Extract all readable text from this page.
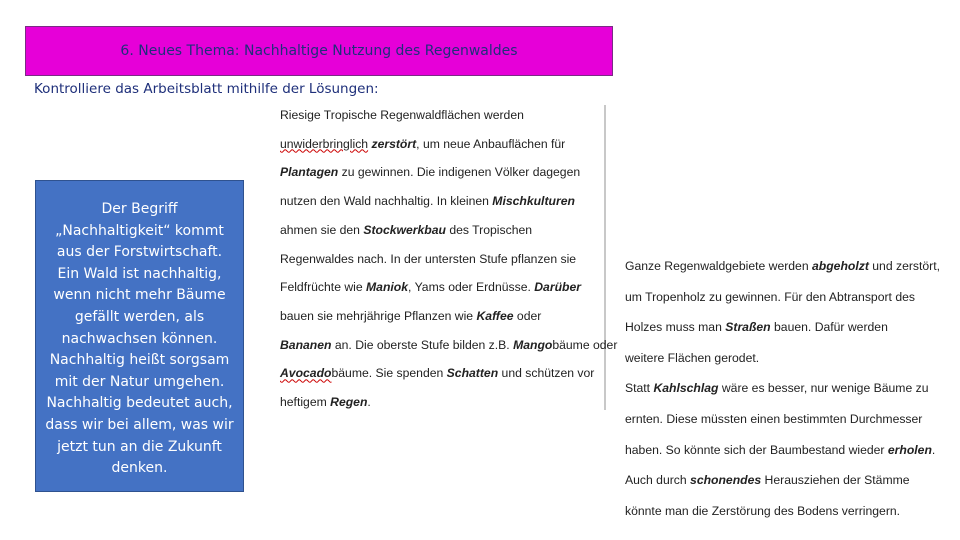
6. Neues Thema: Nachhaltige Nutzung des Regenwaldes
Kontrolliere das Arbeitsblatt mithilfe der Lösungen:

Der Begriff

„Nachhaltigkeit“ kommt

aus der Forstwirtschaft.

Ein Wald ist nachhaltig,

wenn nicht mehr Bäume

gefällt werden, als

nachwachsen können.

Nachhaltig heißt sorgsam

mit der Natur umgehen.

Nachhaltig bedeutet auch,

dass wir bei allem, was wir

jetzt tun an die Zukunft

denken.

Riesige Tropische Regenwaldflächen werden

unwiderbringlich zerstört, um neue Anbauflächen für

Plantagen zu gewinnen. Die indigenen Völker dagegen

nutzen den Wald nachhaltig. In kleinen Mischkulturen

ahmen sie den Stockwerkbau des Tropischen

Regenwaldes nach. In der untersten Stufe pflanzen sie

Feldfrüchte wie Maniok, Yams oder Erdnüsse. Darüber

bauen sie mehrjährige Pflanzen wie Kaffee oder

Bananen an. Die oberste Stufe bilden z.B. Mangobäume oder

Avocadobäume. Sie spenden Schatten und schützen vor

heftigem Regen.

Ganze Regenwaldgebiete werden abgeholzt und zerstört,

um Tropenholz zu gewinnen. Für den Abtransport des

Holzes muss man Straßen bauen. Dafür werden

weitere Flächen gerodet.

Statt Kahlschlag wäre es besser, nur wenige Bäume zu

ernten. Diese müssten einen bestimmten Durchmesser

haben. So könnte sich der Baumbestand wieder erholen.

Auch durch schonendes Herausziehen der Stämme

könnte man die Zerstörung des Bodens verringern.
